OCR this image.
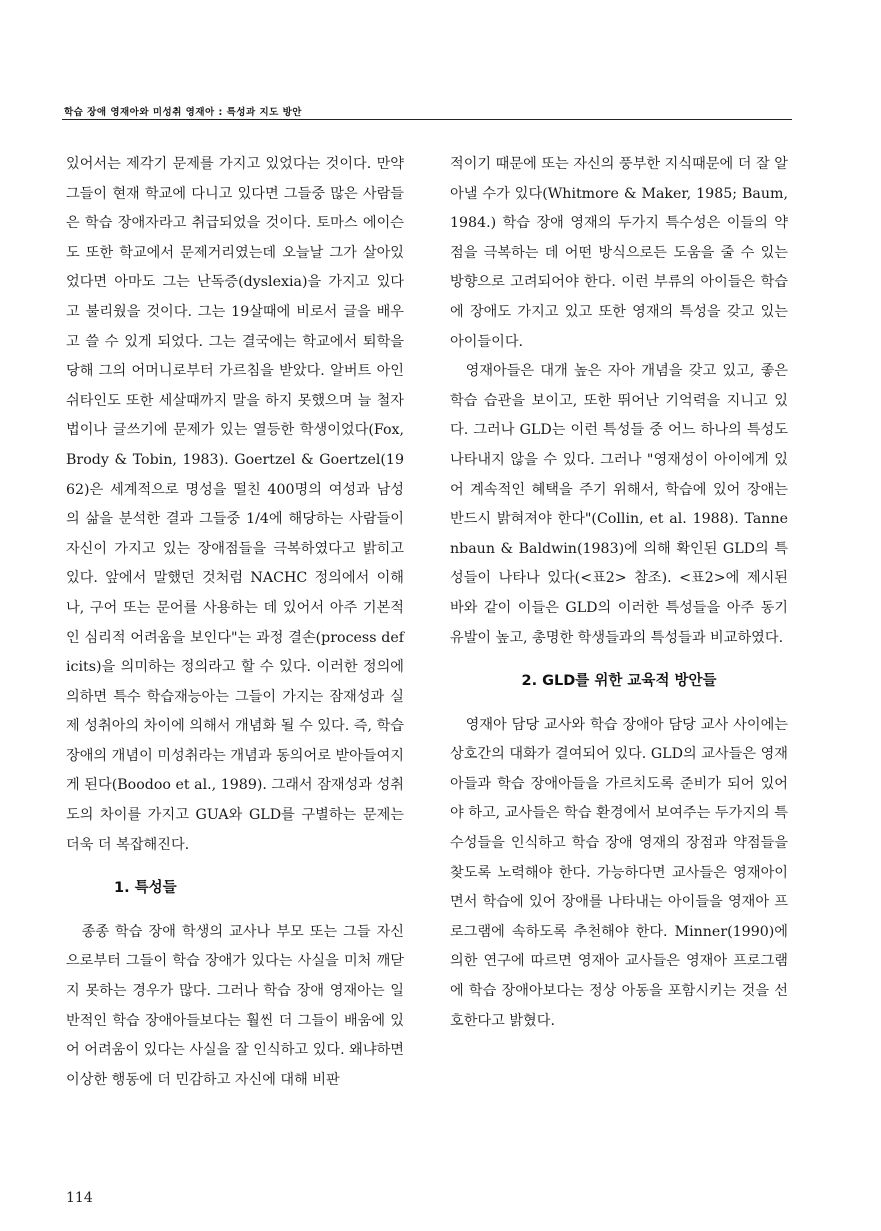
학습 장애 영재아와 미성취 영재아 : 특성과 지도 방안

있어서는 제각기 문제를 가지고 있었다는 것이다. 만약 그들이 현재 학교에 다니고 있다면 그들중 많은 사람들은 학습 장애자라고 취급되었을 것이다. 토마스 에이슨도 또한 학교에서 문제거리였는데 오늘날 그가 살아있었다면 아마도 그는 난독증(dyslexia)을 가지고 있다고 불리웠을 것이다. 그는 19살때에 비로서 글을 배우고 쓸 수 있게 되었다. 그는 결국에는 학교에서 퇴학을 당해 그의 어머니로부터 가르침을 받았다. 알버트 아인쉬타인도 또한 세살때까지 말을 하지 못했으며 늘 철자법이나 글쓰기에 문제가 있는 열등한 학생이었다(Fox, Brody & Tobin, 1983). Goertzel & Goertzel(1962)은 세계적으로 명성을 떨친 400명의 여성과 남성의 삶을 분석한 결과 그들중 1/4에 해당하는 사람들이 자신이 가지고 있는 장애점들을 극복하였다고 밝히고 있다. 앞에서 말했던 것처럼 NACHC 정의에서 이해나, 구어 또는 문어를 사용하는 데 있어서 아주 기본적인 심리적 어려움을 보인다"는 과정 결손(process deficits)을 의미하는 정의라고 할 수 있다. 이러한 정의에 의하면 특수 학습재능아는 그들이 가지는 잠재성과 실제 성취아의 차이에 의해서 개념화 될 수 있다. 즉, 학습장애의 개념이 미성취라는 개념과 동의어로 받아들여지게 된다(Boodoo et al., 1989). 그래서 잠재성과 성취도의 차이를 가지고 GUA와 GLD를 구별하는 문제는 더욱 더 복잡해진다.

1. 특성들

종종 학습 장애 학생의 교사나 부모 또는 그들 자신으로부터 그들이 학습 장애가 있다는 사실을 미처 깨닫지 못하는 경우가 많다. 그러나 학습 장애 영재아는 일반적인 학습 장애아들보다는 훨씬 더 그들이 배움에 있어 어려움이 있다는 사실을 잘 인식하고 있다. 왜냐하면 이상한 행동에 더 민감하고 자신에 대해 비판

적이기 때문에 또는 자신의 풍부한 지식때문에 더 잘 알아낼 수가 있다(Whitmore & Maker, 1985; Baum, 1984.) 학습 장애 영재의 두가지 특수성은 이들의 약점을 극복하는 데 어떤 방식으로든 도움을 줄 수 있는 방향으로 고려되어야 한다. 이런 부류의 아이들은 학습에 장애도 가지고 있고 또한 영재의 특성을 갖고 있는 아이들이다.

영재아들은 대개 높은 자아 개념을 갖고 있고, 좋은 학습 습관을 보이고, 또한 뛰어난 기억력을 지니고 있다. 그러나 GLD는 이런 특성들 중 어느 하나의 특성도 나타내지 않을 수 있다. 그러나 "영재성이 아이에게 있어 계속적인 혜택을 주기 위해서, 학습에 있어 장애는 반드시 밝혀져야 한다"(Collin, et al. 1988). Tannenbaun & Baldwin(1983)에 의해 확인된 GLD의 특성들이 나타나 있다(<표2> 참조). <표2>에 제시된 바와 같이 이들은 GLD의 이러한 특성들을 아주 동기 유발이 높고, 총명한 학생들과의 특성들과 비교하였다.

2. GLD를 위한 교육적 방안들

영재아 담당 교사와 학습 장애아 담당 교사 사이에는 상호간의 대화가 결여되어 있다. GLD의 교사들은 영재아들과 학습 장애아들을 가르치도록 준비가 되어 있어야 하고, 교사들은 학습 환경에서 보여주는 두가지의 특수성들을 인식하고 학습 장애 영재의 장점과 약점들을 찾도록 노력해야 한다. 가능하다면 교사들은 영재아이면서 학습에 있어 장애를 나타내는 아이들을 영재아 프로그램에 속하도록 추천해야 한다. Minner(1990)에 의한 연구에 따르면 영재아 교사들은 영재아 프로그램에 학습 장애아보다는 정상 아동을 포함시키는 것을 선호한다고 밝혔다.

114
